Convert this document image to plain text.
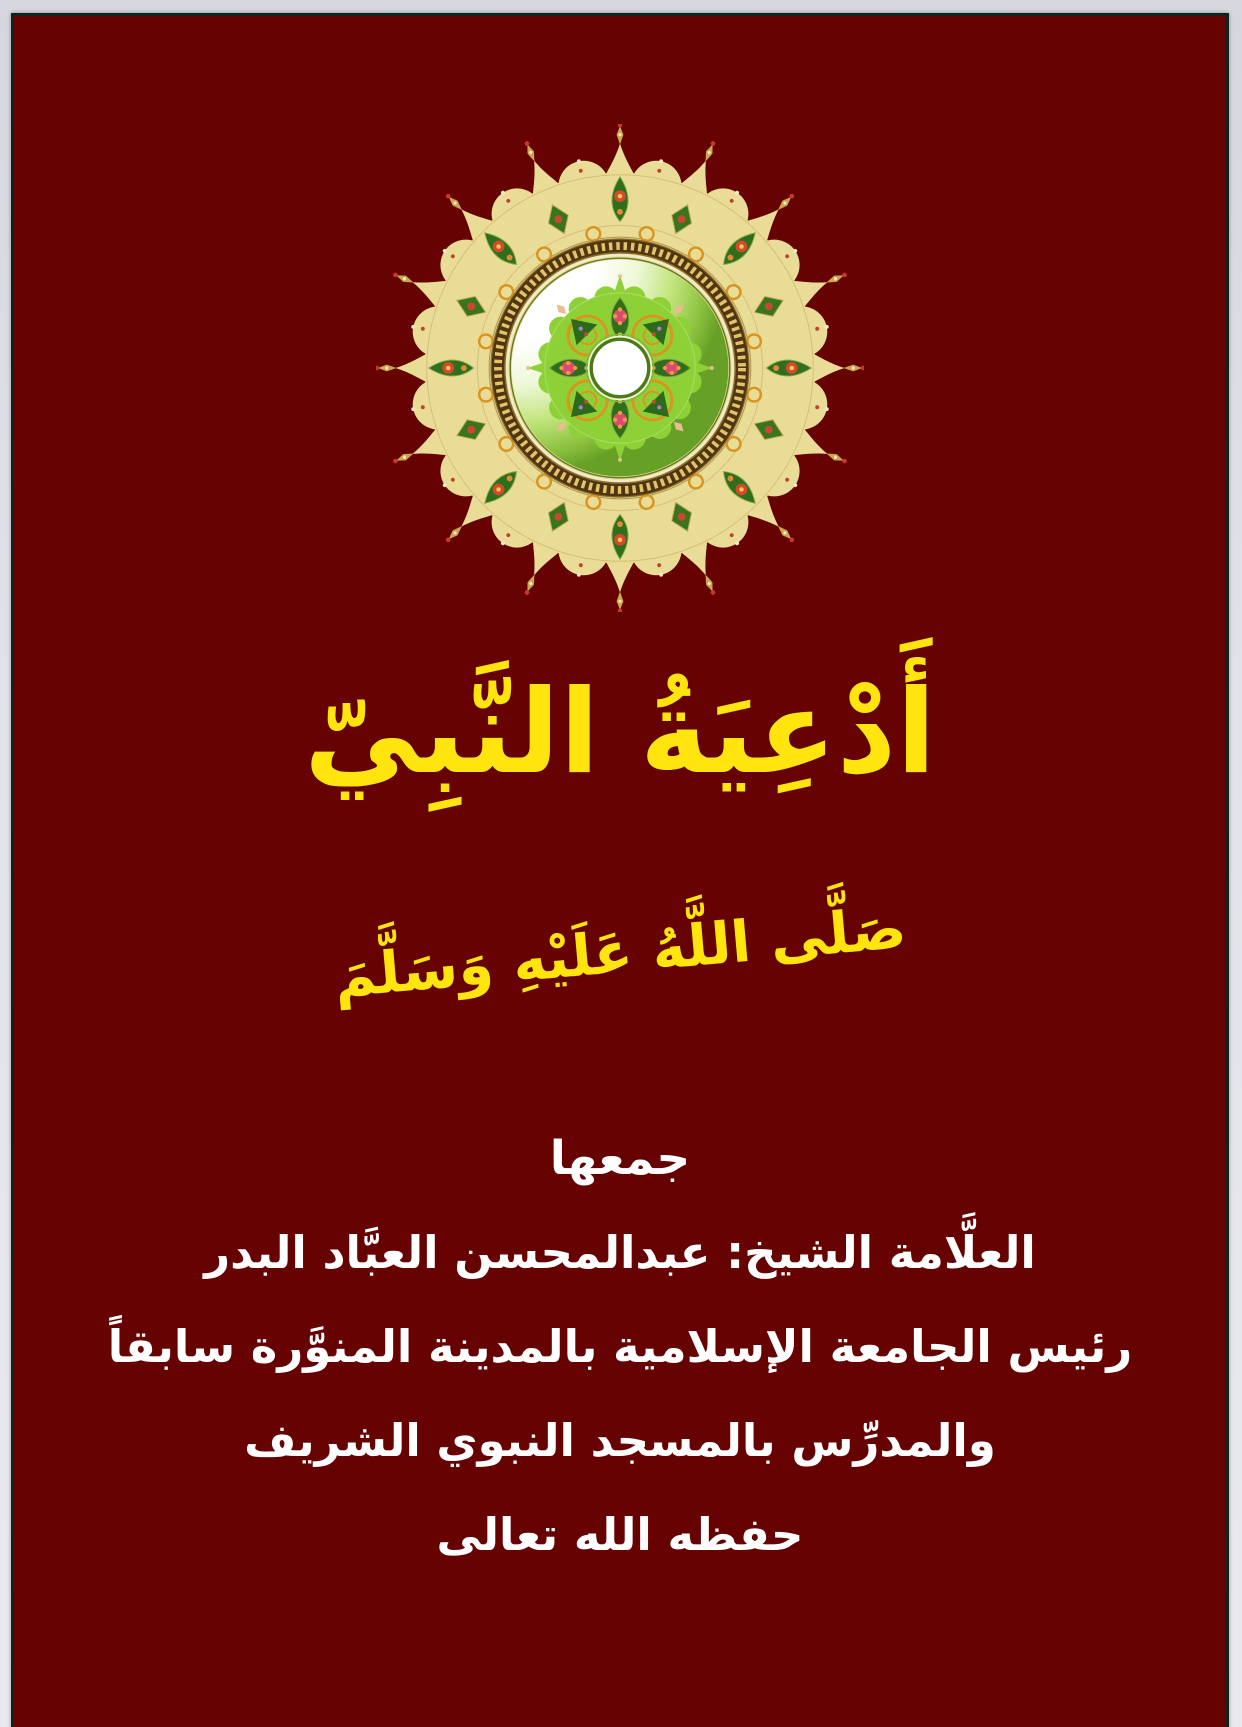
أَدْعِيَةُ النَّبِيّ
صَلَّى اللَّهُ عَلَيْهِ وَسَلَّمَ
جمعها
العلَّامة الشيخ: عبدالمحسن العبَّاد البدر
رئيس الجامعة الإسلامية بالمدينة المنوَّرة سابقاً
والمدرِّس بالمسجد النبوي الشريف
حفظه الله تعالى
